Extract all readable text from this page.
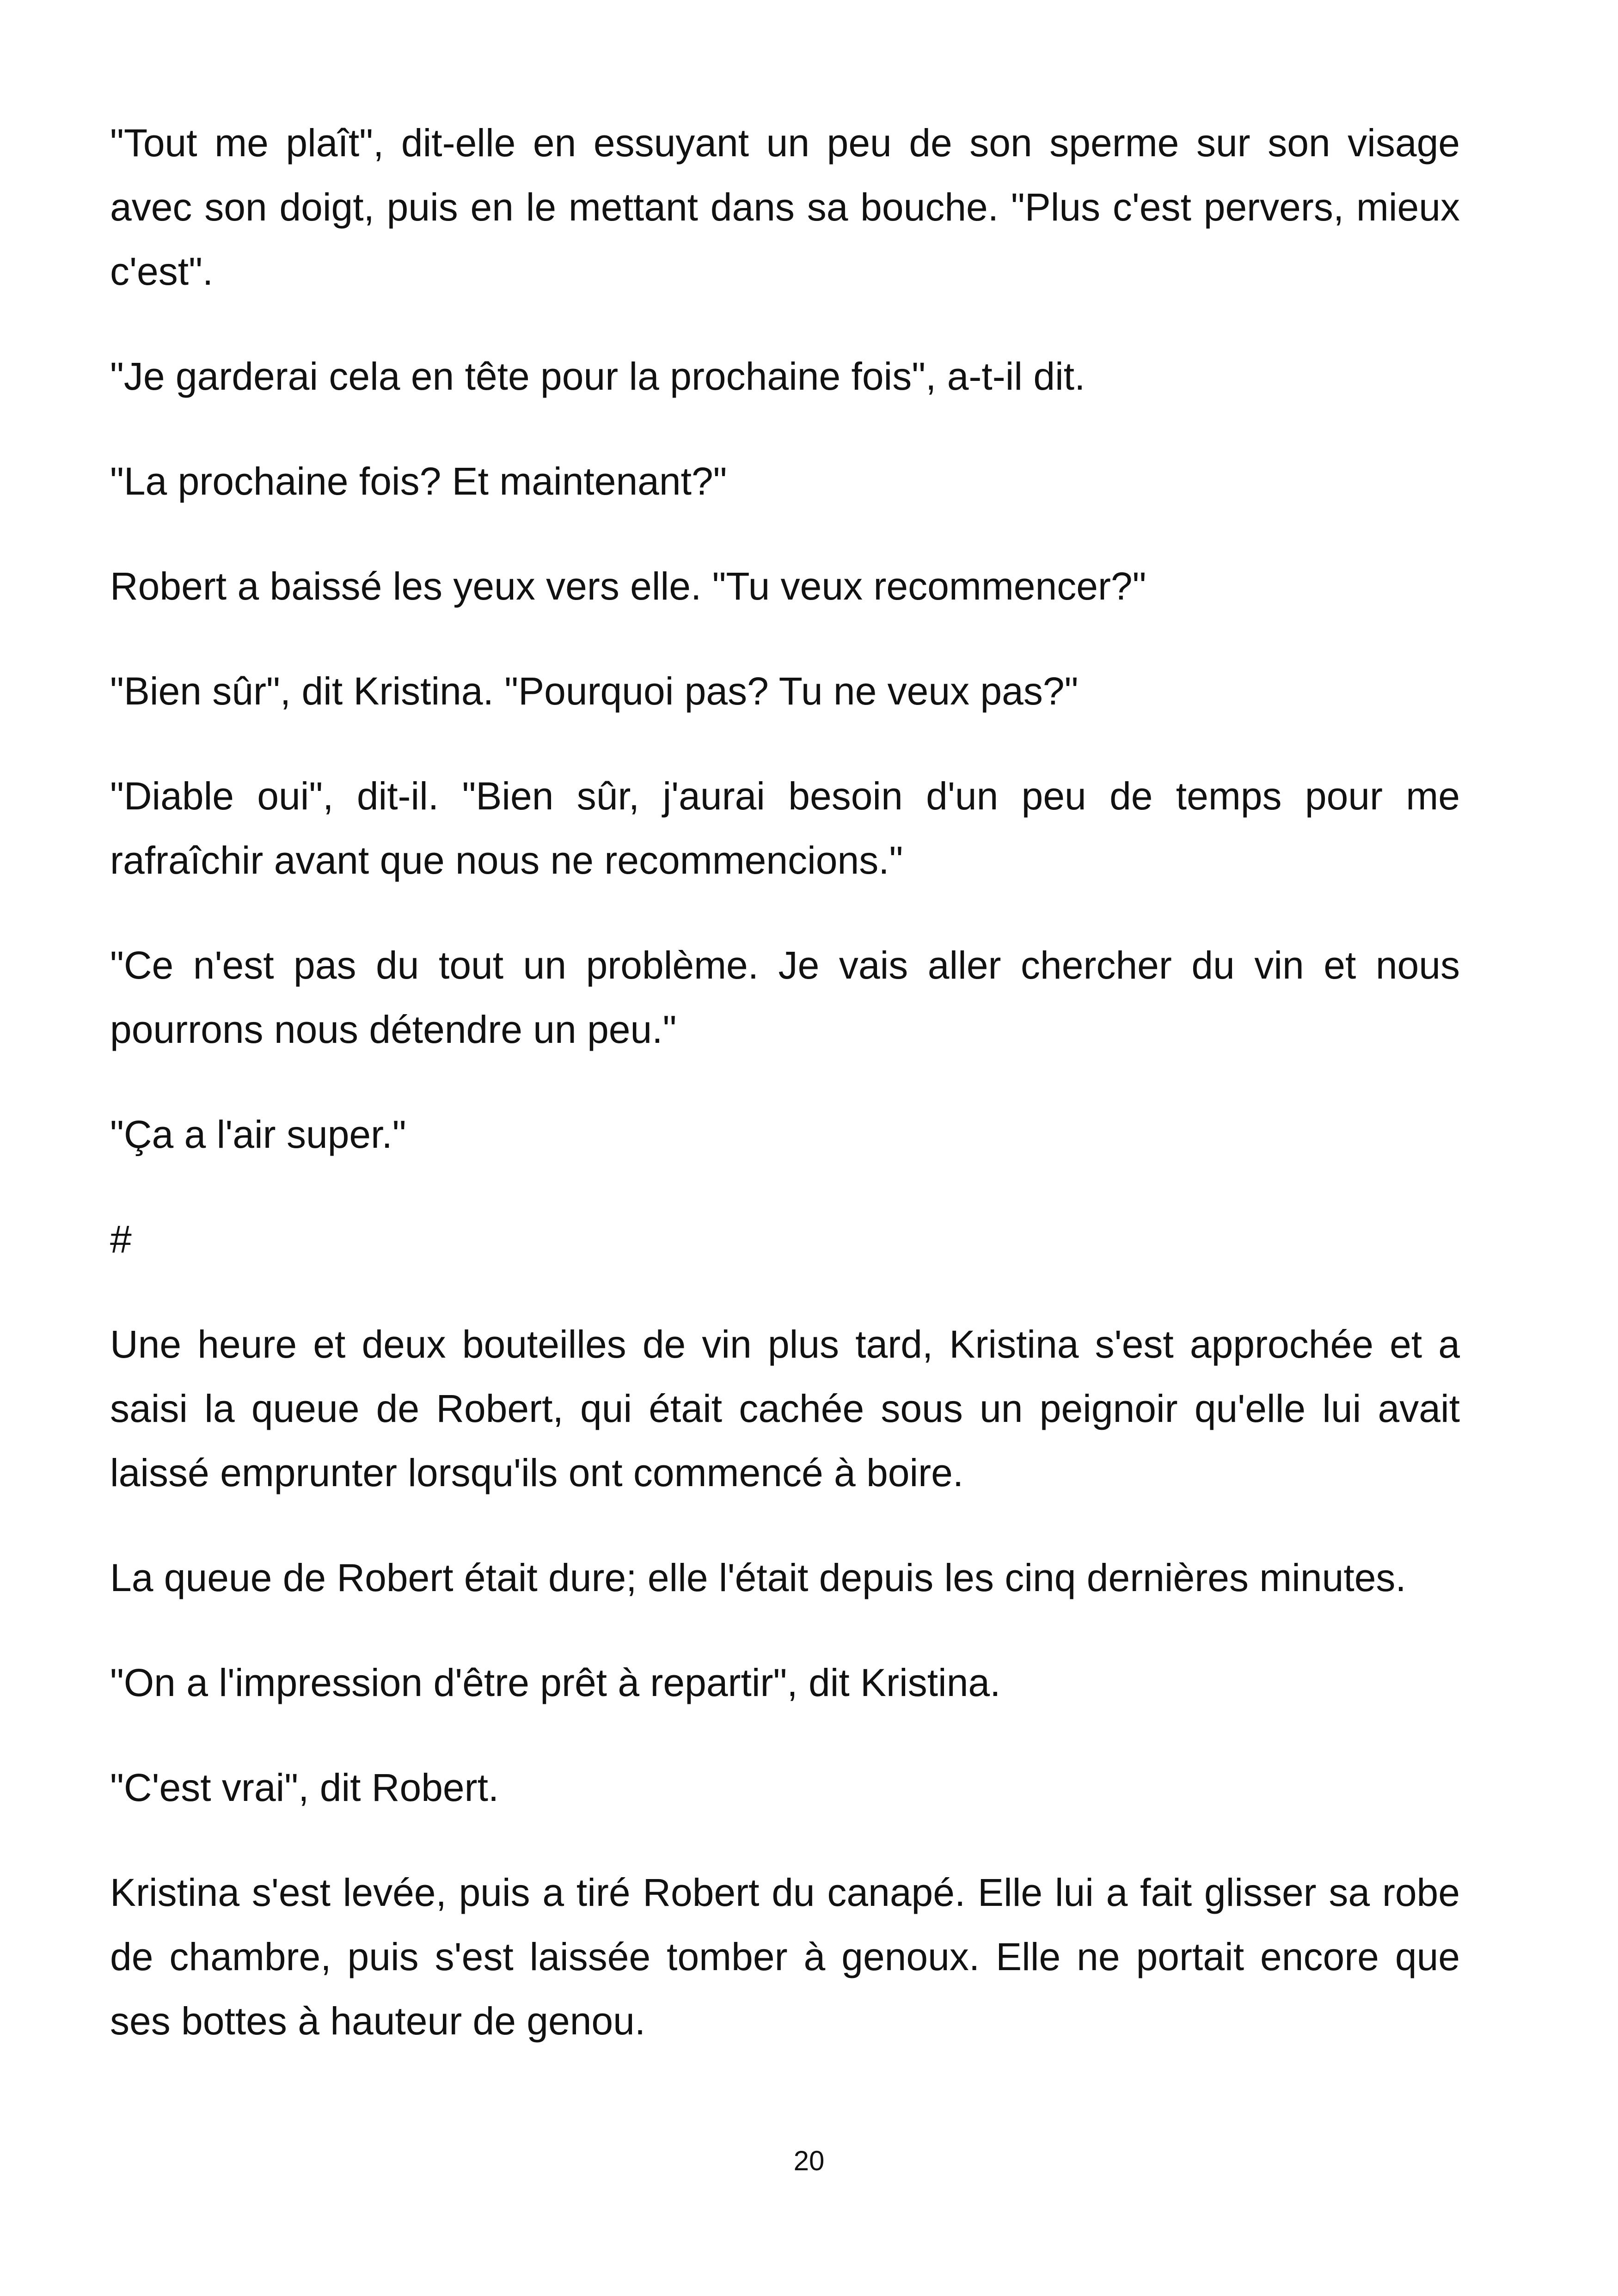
"Tout me plaît", dit-elle en essuyant un peu de son sperme sur son visage avec son doigt, puis en le mettant dans sa bouche. "Plus c'est pervers, mieux c'est".

"Je garderai cela en tête pour la prochaine fois", a-t-il dit.

"La prochaine fois? Et maintenant?"

Robert a baissé les yeux vers elle. "Tu veux recommencer?"

"Bien sûr", dit Kristina. "Pourquoi pas? Tu ne veux pas?"

"Diable oui", dit-il. "Bien sûr, j'aurai besoin d'un peu de temps pour me rafraîchir avant que nous ne recommencions."

"Ce n'est pas du tout un problème. Je vais aller chercher du vin et nous pourrons nous détendre un peu."

"Ça a l'air super."

#

Une heure et deux bouteilles de vin plus tard, Kristina s'est approchée et a saisi la queue de Robert, qui était cachée sous un peignoir qu'elle lui avait laissé emprunter lorsqu'ils ont commencé à boire.

La queue de Robert était dure; elle l'était depuis les cinq dernières minutes.

"On a l'impression d'être prêt à repartir", dit Kristina.

"C'est vrai", dit Robert.

Kristina s'est levée, puis a tiré Robert du canapé. Elle lui a fait glisser sa robe de chambre, puis s'est laissée tomber à genoux. Elle ne portait encore que ses bottes à hauteur de genou.

20
